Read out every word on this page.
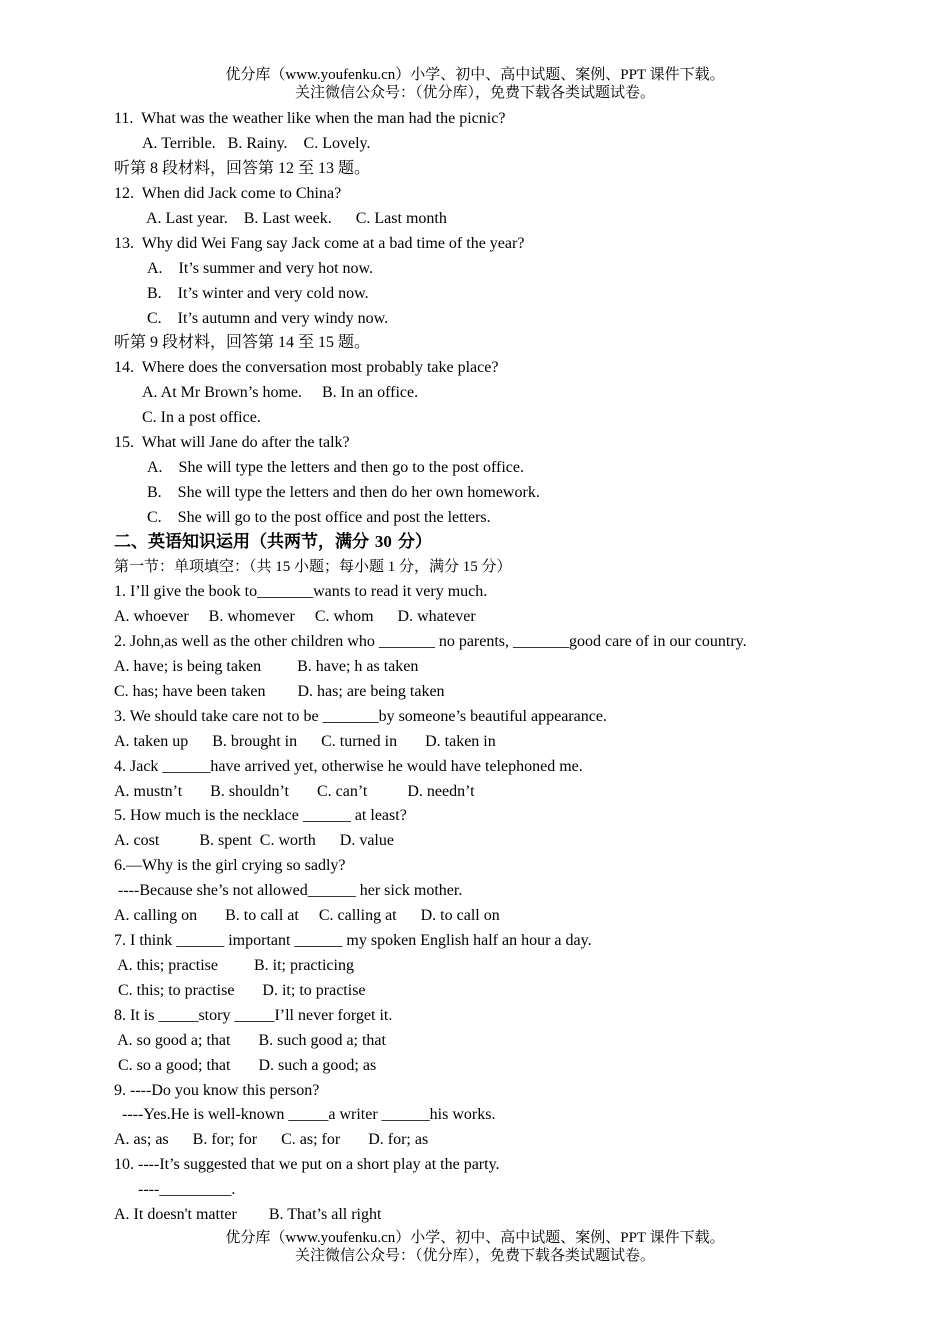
优分库（www.youfenku.cn）小学、初中、高中试题、案例、PPT 课件下载。
关注微信公众号：（优分库），免费下载各类试题试卷。
11.  What was the weather like when the man had the picnic?
A. Terrible.   B. Rainy.    C. Lovely.
听第 8 段材料，回答第 12 至 13 题。
12.  When did Jack come to China?
A. Last year.    B. Last week.      C. Last month
13.  Why did Wei Fang say Jack come at a bad time of the year?
A.    It’s summer and very hot now.
B.    It’s winter and very cold now.
C.    It’s autumn and very windy now.
听第 9 段材料，回答第 14 至 15 题。
14.  Where does the conversation most probably take place?
A. At Mr Brown’s home.     B. In an office.
C. In a post office.
15.  What will Jane do after the talk?
A.    She will type the letters and then go to the post office.
B.    She will type the letters and then do her own homework.
C.    She will go to the post office and post the letters.
二、英语知识运用（共两节，满分 30 分）
第一节：单项填空：（共 15 小题；每小题 1 分，满分 15 分）
1. I’ll give the book to_______wants to read it very much.
A. whoever     B. whomever     C. whom      D. whatever
2. John,as well as the other children who _______ no parents, _______good care of in our country.
A. have; is being taken         B. have; h as taken
C. has; have been taken        D. has; are being taken
3. We should take care not to be _______by someone’s beautiful appearance.
A. taken up      B. brought in      C. turned in       D. taken in
4. Jack ______have arrived yet, otherwise he would have telephoned me.
A. mustn’t       B. shouldn’t       C. can’t          D. needn’t
5. How much is the necklace ______ at least?
A. cost          B. spent  C. worth      D. value
6.—Why is the girl crying so sadly?
----Because she’s not allowed______ her sick mother.
A. calling on       B. to call at     C. calling at      D. to call on
7. I think ______ important ______ my spoken English half an hour a day.
A. this; practise         B. it; practicing
C. this; to practise       D. it; to practise
8. It is _____story _____I’ll never forget it.
A. so good a; that       B. such good a; that
C. so a good; that       D. such a good; as
9. ----Do you know this person?
----Yes.He is well-known _____a writer ______his works.
A. as; as      B. for; for      C. as; for       D. for; as
10. ----It’s suggested that we put on a short play at the party.
----_________.
A. It doesn't matter        B. That’s all right
优分库（www.youfenku.cn）小学、初中、高中试题、案例、PPT 课件下载。
关注微信公众号：（优分库），免费下载各类试题试卷。
